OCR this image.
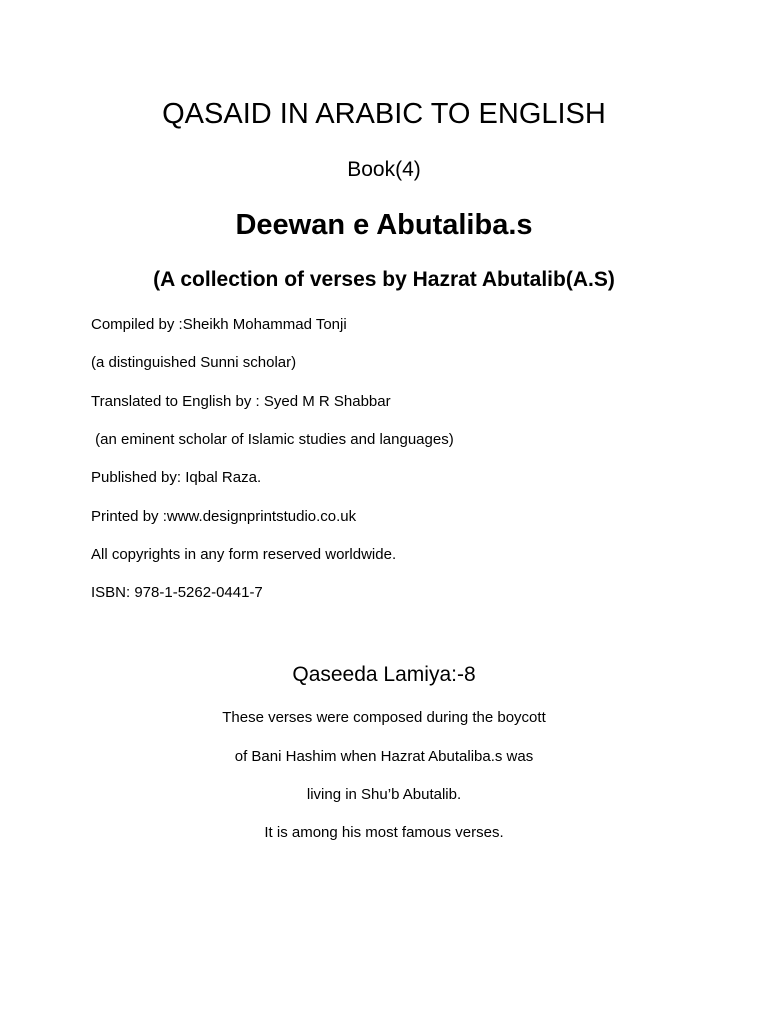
QASAID IN ARABIC TO ENGLISH
Book(4)
Deewan e Abutaliba.s
(A collection of verses by Hazrat Abutalib(A.S)

Compiled by :Sheikh Mohammad Tonji

(a distinguished Sunni scholar)

Translated to English by : Syed M R Shabbar

(an eminent scholar of Islamic studies and languages)

Published by: Iqbal Raza.

Printed by :www.designprintstudio.co.uk

All copyrights in any form reserved worldwide.

ISBN: 978-1-5262-0441-7

Qaseeda Lamiya:-8

These verses were composed during the boycott

of Bani Hashim when Hazrat Abutaliba.s was

living in Shu’b Abutalib.

It is among his most famous verses.
